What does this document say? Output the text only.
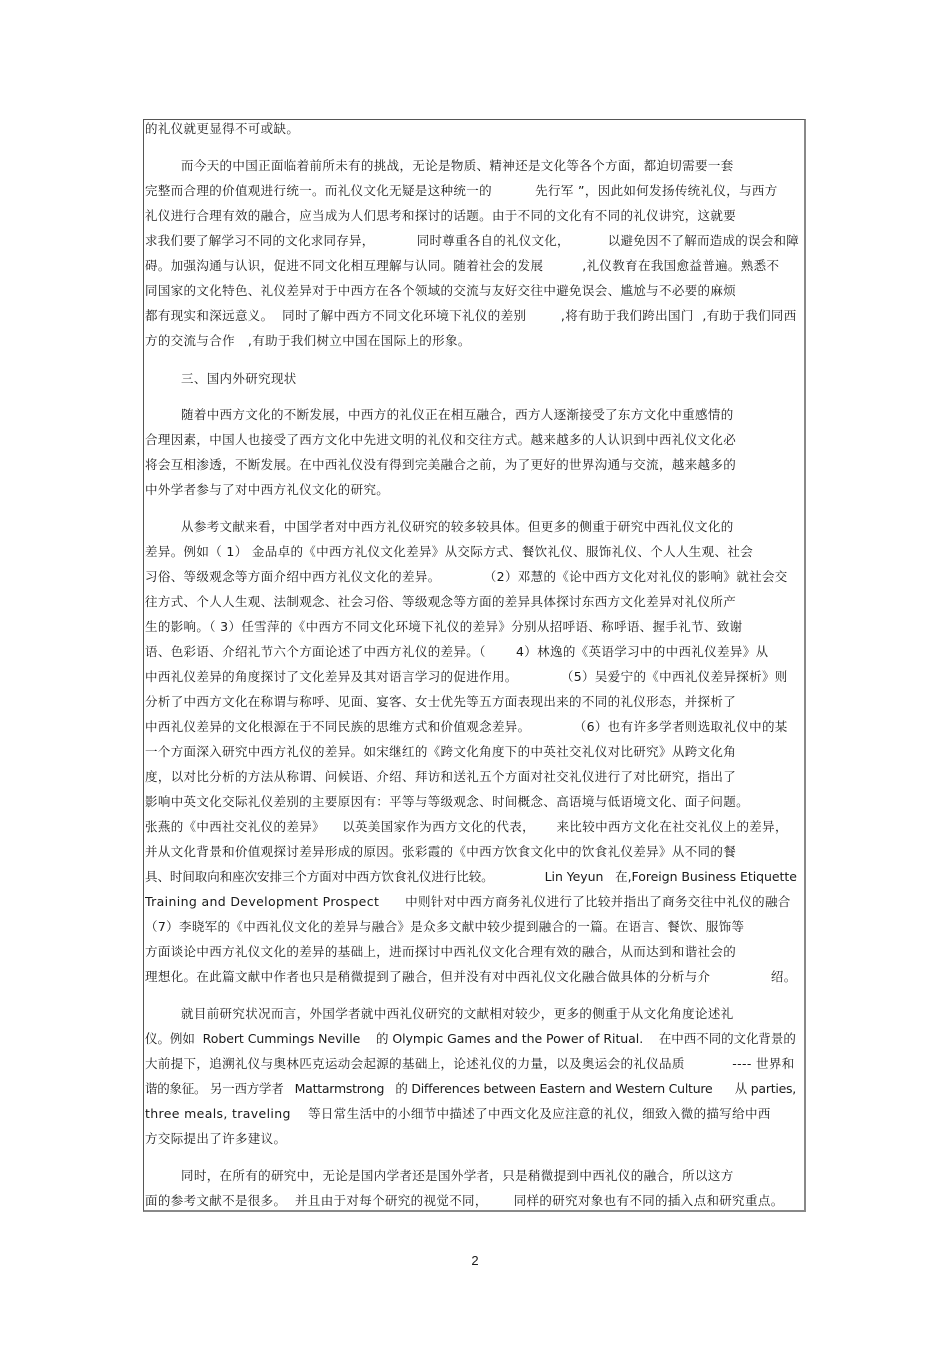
的礼仪就更显得不可或缺。
而今天的中国正面临着前所未有的挑战，无论是物质、精神还是文化等各个方面，都迫切需要一套
完整而合理的价值观进行统一。而礼仪文化无疑是这种统一的          先行军 ”，因此如何发扬传统礼仪，与西方
礼仪进行合理有效的融合，应当成为人们思考和探讨的话题。由于不同的文化有不同的礼仪讲究，这就要
求我们要了解学习不同的文化求同存异，          同时尊重各自的礼仪文化，         以避免因不了解而造成的误会和障
碍。加强沟通与认识，促进不同文化相互理解与认同。随着社会的发展         ,礼仪教育在我国愈益普遍。熟悉不
同国家的文化特色、礼仪差异对于中西方在各个领域的交流与友好交往中避免误会、尴尬与不必要的麻烦
都有现实和深远意义。  同时了解中西方不同文化环境下礼仪的差别        ,将有助于我们跨出国门  ,有助于我们同西
方的交流与合作   ,有助于我们树立中国在国际上的形象。
三、国内外研究现状
随着中西方文化的不断发展，中西方的礼仪正在相互融合，西方人逐渐接受了东方文化中重感情的
合理因素，中国人也接受了西方文化中先进文明的礼仪和交往方式。越来越多的人认识到中西礼仪文化必
将会互相渗透，不断发展。在中西礼仪没有得到完美融合之前，为了更好的世界沟通与交流，越来越多的
中外学者参与了对中西方礼仪文化的研究。
从参考文献来看，中国学者对中西方礼仪研究的较多较具体。但更多的侧重于研究中西礼仪文化的
差异。例如（ 1） 金品卓的《中西方礼仪文化差异》从交际方式、餐饮礼仪、服饰礼仪、个人人生观、社会
习俗、等级观念等方面介绍中西方礼仪文化的差异。          （2）邓慧的《论中西方文化对礼仪的影响》就社会交
往方式、个人人生观、法制观念、社会习俗、等级观念等方面的差异具体探讨东西方文化差异对礼仪所产
生的影响。（ 3）任雪萍的《中西方不同文化环境下礼仪的差异》分别从招呼语、称呼语、握手礼节、致谢
语、色彩语、介绍礼节六个方面论述了中西方礼仪的差异。（       4）林逸的《英语学习中的中西礼仪差异》从
中西礼仪差异的角度探讨了文化差异及其对语言学习的促进作用。          （5）吴爱宁的《中西礼仪差异探析》则
分析了中西方文化在称谓与称呼、见面、宴客、女士优先等五方面表现出来的不同的礼仪形态，并探析了
中西礼仪差异的文化根源在于不同民族的思维方式和价值观念差异。          （6）也有许多学者则选取礼仪中的某
一个方面深入研究中西方礼仪的差异。如宋继红的《跨文化角度下的中英社交礼仪对比研究》从跨文化角
度，以对比分析的方法从称谓、问候语、介绍、拜访和送礼五个方面对社交礼仪进行了对比研究，指出了
影响中英文化交际礼仪差别的主要原因有：平等与等级观念、时间概念、高语境与低语境文化、面子问题。
张燕的《中西社交礼仪的差异》    以英美国家作为西方文化的代表，     来比较中西方文化在社交礼仪上的差异，
并从文化背景和价值观探讨差异形成的原因。张彩霞的《中西方饮食文化中的饮食礼仪差异》从不同的餐
具、时间取向和座次安排三个方面对中西方饮食礼仪进行比较。             Lin Yeyun   在,Foreign Business Etiquette
Training and Development Prospect      中则针对中西方商务礼仪进行了比较并指出了商务交往中礼仪的融合
（7）李晓军的《中西礼仪文化的差异与融合》是众多文献中较少提到融合的一篇。在语言、餐饮、服饰等
方面谈论中西方礼仪文化的差异的基础上，进而探讨中西礼仪文化合理有效的融合，从而达到和谐社会的
理想化。在此篇文献中作者也只是稍微提到了融合，但并没有对中西礼仪文化融合做具体的分析与介              绍。
就目前研究状况而言，外国学者就中西礼仪研究的文献相对较少，更多的侧重于从文化角度论述礼
仪。例如  Robert Cummings Neville    的 Olympic Games and the Power of Ritual.    在中西不同的文化背景的
大前提下，追溯礼仪与奥林匹克运动会起源的基础上，论述礼仪的力量，以及奥运会的礼仪品质           ---- 世界和
谐的象征。 另一西方学者   Mattarmstrong   的 Differences between Eastern and Western Culture      从 parties,
three meals, traveling    等日常生活中的小细节中描述了中西文化及应注意的礼仪，细致入微的描写给中西
方交际提出了许多建议。
同时，在所有的研究中，无论是国内学者还是国外学者，只是稍微提到中西礼仪的融合，所以这方
面的参考文献不是很多。  并且由于对每个研究的视觉不同，      同样的研究对象也有不同的插入点和研究重点。
2
